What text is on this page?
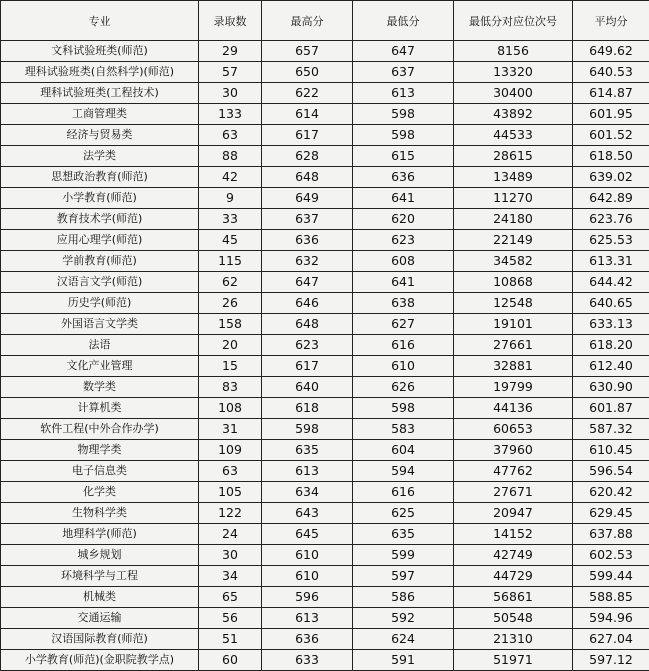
专业	录取数	最高分	最低分	最低分对应位次号	平均分
文科试验班类(师范)	29	657	647	8156	649.62
理科试验班类(自然科学)(师范)	57	650	637	13320	640.53
理科试验班类(工程技术)	30	622	613	30400	614.87
工商管理类	133	614	598	43892	601.95
经济与贸易类	63	617	598	44533	601.52
法学类	88	628	615	28615	618.50
思想政治教育(师范)	42	648	636	13489	639.02
小学教育(师范)	9	649	641	11270	642.89
教育技术学(师范)	33	637	620	24180	623.76
应用心理学(师范)	45	636	623	22149	625.53
学前教育(师范)	115	632	608	34582	613.31
汉语言文学(师范)	62	647	641	10868	644.42
历史学(师范)	26	646	638	12548	640.65
外国语言文学类	158	648	627	19101	633.13
法语	20	623	616	27661	618.20
文化产业管理	15	617	610	32881	612.40
数学类	83	640	626	19799	630.90
计算机类	108	618	598	44136	601.87
软件工程(中外合作办学)	31	598	583	60653	587.32
物理学类	109	635	604	37960	610.45
电子信息类	63	613	594	47762	596.54
化学类	105	634	616	27671	620.42
生物科学类	122	643	625	20947	629.45
地理科学(师范)	24	645	635	14152	637.88
城乡规划	30	610	599	42749	602.53
环境科学与工程	34	610	597	44729	599.44
机械类	65	596	586	56861	588.85
交通运输	56	613	592	50548	594.96
汉语国际教育(师范)	51	636	624	21310	627.04
小学教育(师范)(金职院教学点)	60	633	591	51971	597.12
